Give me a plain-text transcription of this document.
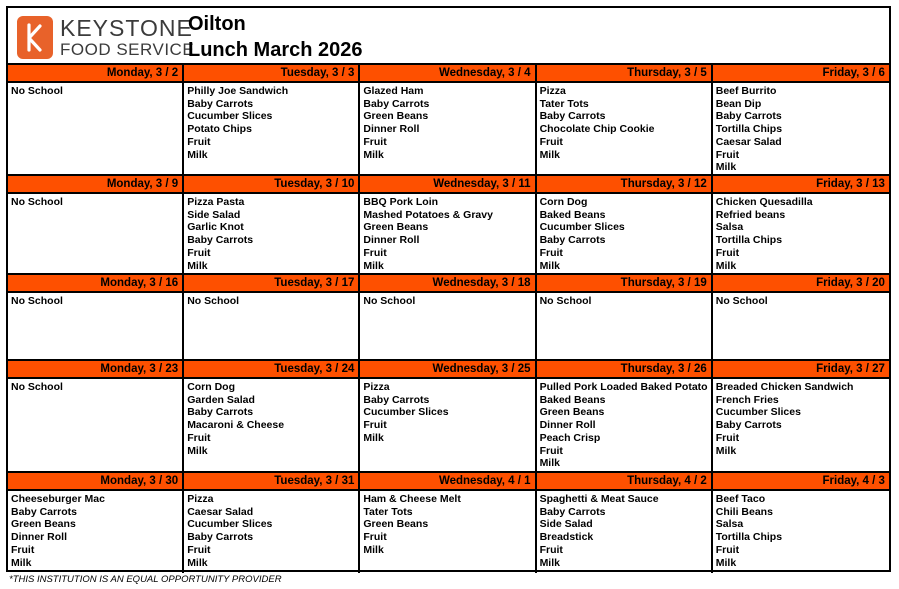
KEYSTONE
FOOD SERVICE
Oilton
Lunch March 2026
Monday, 3 / 2
No School
Tuesday, 3 / 3
Philly Joe Sandwich
Baby Carrots
Cucumber Slices
Potato Chips
Fruit
Milk
Wednesday, 3 / 4
Glazed Ham
Baby Carrots
Green Beans
Dinner Roll
Fruit
Milk
Thursday, 3 / 5
Pizza
Tater Tots
Baby Carrots
Chocolate Chip Cookie
Fruit
Milk
Friday, 3 / 6
Beef Burrito
Bean Dip
Baby Carrots
Tortilla Chips
Caesar Salad
Fruit
Milk
Monday, 3 / 9
No School
Tuesday, 3 / 10
Pizza Pasta
Side Salad
Garlic Knot
Baby Carrots
Fruit
Milk
Wednesday, 3 / 11
BBQ Pork Loin
Mashed Potatoes & Gravy
Green Beans
Dinner Roll
Fruit
Milk
Thursday, 3 / 12
Corn Dog
Baked Beans
Cucumber Slices
Baby Carrots
Fruit
Milk
Friday, 3 / 13
Chicken Quesadilla
Refried beans
Salsa
Tortilla Chips
Fruit
Milk
Monday, 3 / 16
No School
Tuesday, 3 / 17
No School
Wednesday, 3 / 18
No School
Thursday, 3 / 19
No School
Friday, 3 / 20
No School
Monday, 3 / 23
No School
Tuesday, 3 / 24
Corn Dog
Garden Salad
Baby Carrots
Macaroni & Cheese
Fruit
Milk
Wednesday, 3 / 25
Pizza
Baby Carrots
Cucumber Slices
Fruit
Milk
Thursday, 3 / 26
Pulled Pork Loaded Baked Potato
Baked Beans
Green Beans
Dinner Roll
Peach Crisp
Fruit
Milk
Friday, 3 / 27
Breaded Chicken Sandwich
French Fries
Cucumber Slices
Baby Carrots
Fruit
Milk
Monday, 3 / 30
Cheeseburger Mac
Baby Carrots
Green Beans
Dinner Roll
Fruit
Milk
Tuesday, 3 / 31
Pizza
Caesar Salad
Cucumber Slices
Baby Carrots
Fruit
Milk
Wednesday, 4 / 1
Ham & Cheese Melt
Tater Tots
Green Beans
Fruit
Milk
Thursday, 4 / 2
Spaghetti & Meat Sauce
Baby Carrots
Side Salad
Breadstick
Fruit
Milk
Friday, 4 / 3
Beef Taco
Chili Beans
Salsa
Tortilla Chips
Fruit
Milk
*THIS INSTITUTION IS AN EQUAL OPPORTUNITY PROVIDER
